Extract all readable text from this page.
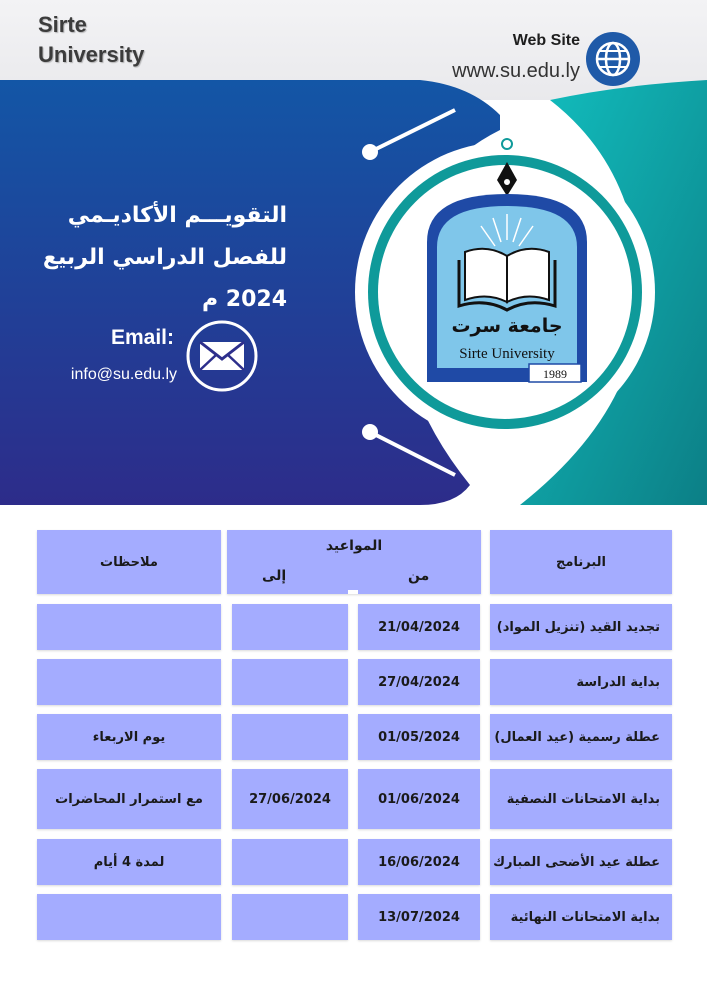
Sirte University
Web Site
www.su.edu.ly
التقويـــم الأكاديـمي
للفصل الدراسي الربيع 2024 م
Email:
info@su.edu.ly
جامعة سرت
Sirte University
1989
البرنامج
المواعيد
من
إلى
ملاحظات
تجديد القيد (تنزيل المواد)
21/04/2024
بداية الدراسة
27/04/2024
عطلة رسمية (عيد العمال)
01/05/2024
يوم الاربعاء
بداية الامتحانات النصفية
01/06/2024
27/06/2024
مع استمرار المحاضرات
عطلة عيد الأضحى المبارك
16/06/2024
لمدة 4 أيام
بداية الامتحانات النهائية
13/07/2024
